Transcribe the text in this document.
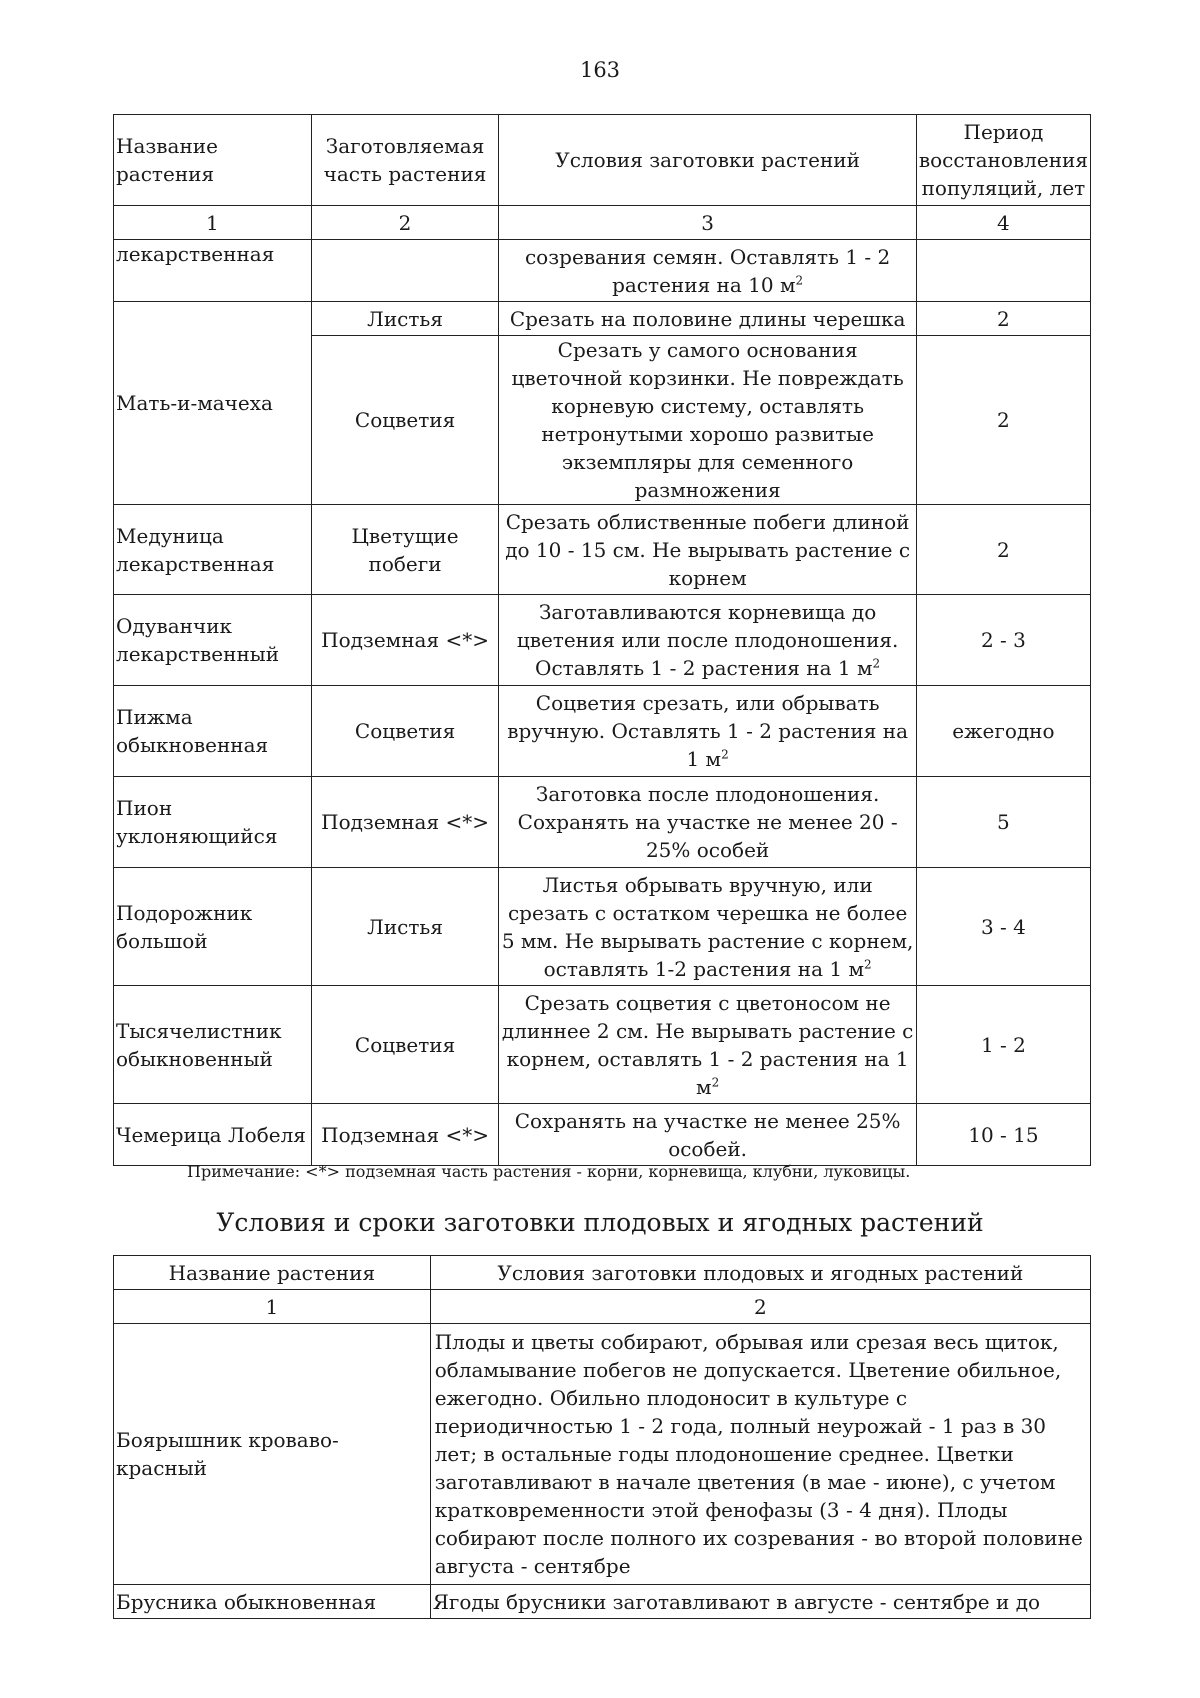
163
Название растения	Заготовляемая часть растения	Условия заготовки растений	Период восстановления популяций, лет
1	2	3	4
лекарственная		созревания семян. Оставлять 1 - 2 растения на 10 $м^2$	
Мать-и-мачеха	Листья	Срезать на половине длины черешка	2
	Соцветия	Срезать у самого основания цветочной корзинки. Не повреждать корневую систему, оставлять нетронутыми хорошо развитые экземпляры для семенного размножения	2
Медуница лекарственная	Цветущие побеги	Срезать облиственные побеги длиной до 10 - 15 см. Не вырывать растение с корнем	2
Одуванчик лекарственный	Подземная <*>	Заготавливаются корневища до цветения или после плодоношения. Оставлять 1 - 2 растения на 1 $м^2$	2 - 3
Пижма обыкновенная	Соцветия	Соцветия срезать, или обрывать вручную. Оставлять 1 - 2 растения на 1 $м^2$	ежегодно
Пион уклоняющийся	Подземная <*>	Заготовка после плодоношения. Сохранять на участке не менее 20 - 25% особей	5
Подорожник большой	Листья	Листья обрывать вручную, или срезать с остатком черешка не более 5 мм. Не вырывать растение с корнем, оставлять 1-2 растения на 1 $м^2$	3 - 4
Тысячелистник обыкновенный	Соцветия	Срезать соцветия с цветоносом не длиннее 2 см. Не вырывать растение с корнем, оставлять 1 - 2 растения на 1 $м^2$	1 - 2
Чемерица Лобеля	Подземная <*>	Сохранять на участке не менее 25% особей.	10 - 15
Примечание: <*> подземная часть растения - корни, корневища, клубни, луковицы.
Условия и сроки заготовки плодовых и ягодных растений
Название растения	Условия заготовки плодовых и ягодных растений
1	2
Боярышник кроваво-красный	Плоды и цветы собирают, обрывая или срезая весь щиток, обламывание побегов не допускается. Цветение обильное, ежегодно. Обильно плодоносит в культуре с периодичностью 1 - 2 года, полный неурожай - 1 раз в 30 лет; в остальные годы плодоношение среднее. Цветки заготавливают в начале цветения (в мае - июне), с учетом кратковременности этой фенофазы (3 - 4 дня). Плоды собирают после полного их созревания - во второй половине августа - сентябре
Брусника обыкновенная	Ягоды брусники заготавливают в августе - сентябре и до
